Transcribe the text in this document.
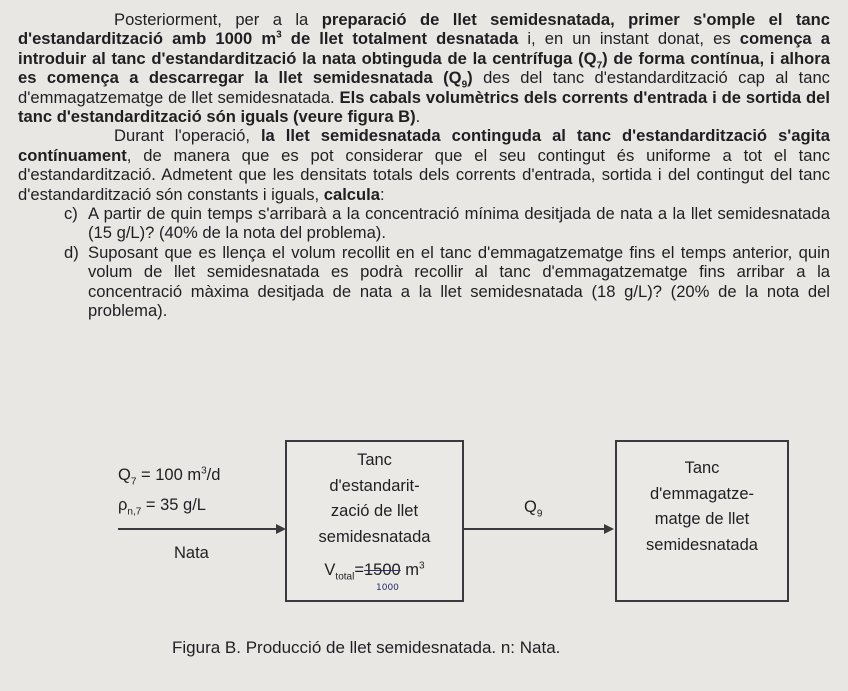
Posteriorment, per a la preparació de llet semidesnatada, primer s'omple el tanc d'estandardització amb 1000 $m^3$ de llet totalment desnatada i, en un instant donat, es comença a introduir al tanc d'estandardització la nata obtinguda de la centrífuga $(Q_7)$ de forma contínua, i alhora es comença a descarregar la llet semidesnatada $(Q_9)$ des del tanc d'estandardització cap al tanc d'emmagatzematge de llet semidesnatada. Els cabals volumètrics dels corrents d'entrada i de sortida del tanc d'estandardització són iguals (veure figura B).

Durant l'operació, la llet semidesnatada continguda al tanc d'estandardització s'agita contínuament, de manera que es pot considerar que el seu contingut és uniforme a tot el tanc d'estandardització. Admetent que les densitats totals dels corrents d'entrada, sortida i del contingut del tanc d'estandardització són constants i iguals, calcula:

c) A partir de quin temps s'arribarà a la concentració mínima desitjada de nata a la llet semidesnatada (15 g/L)? (40% de la nota del problema).
d) Suposant que es llença el volum recollit en el tanc d'emmagatzematge fins el temps anterior, quin volum de llet semidesnatada es podrà recollir al tanc d'emmagatzematge fins arribar a la concentració màxima desitjada de nata a la llet semidesnatada (18 g/L)? (20% de la nota del problema).
$Q_7 = 100$ $m^3/d$
$\rho_{n,7} = 35$ g/L
Nata
Tanc
d'estandarit-
zació de llet
semidesnatada
$V_{total}=1500$ $m^3$
1000
$Q_9$
Tanc
d'emmagatze-
matge de llet
semidesnatada
Figura B. Producció de llet semidesnatada. n: Nata.
